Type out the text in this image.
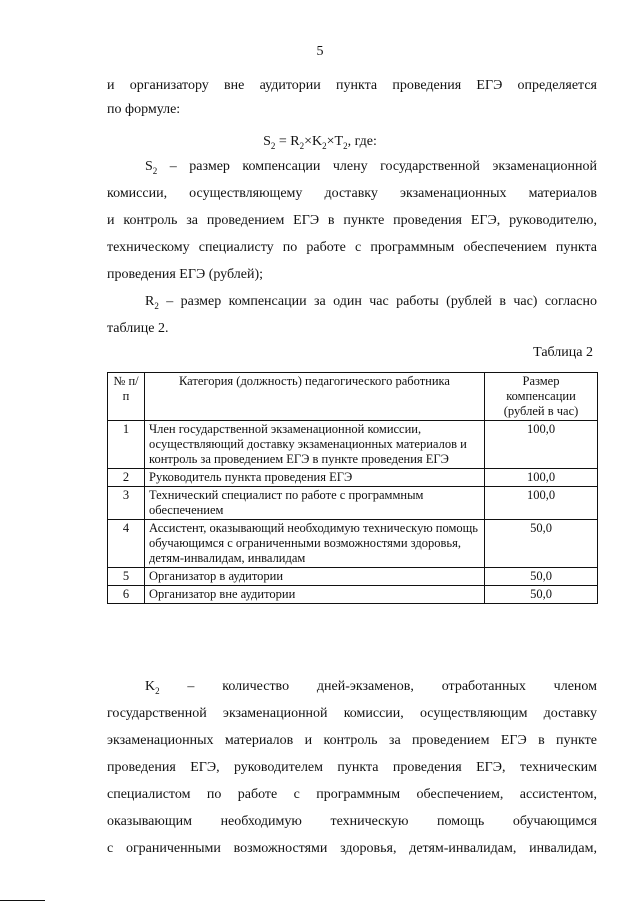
5
и организатору вне аудитории пункта проведения ЕГЭ определяется
по формуле:
$S_2 = R_2\times K_2\times T_2$, где:
$S_2$ – размер компенсации члену государственной экзаменационной
комиссии, осуществляющему доставку экзаменационных материалов
и контроль за проведением ЕГЭ в пункте проведения ЕГЭ, руководителю,
техническому специалисту по работе с программным обеспечением пункта
проведения ЕГЭ (рублей);
$R_2$ – размер компенсации за один час работы (рублей в час) согласно
таблице 2.
Таблица 2
№ п/п	Категория (должность) педагогического работника	Размер компенсации (рублей в час)
1	Член государственной экзаменационной комиссии, осуществляющий доставку экзаменационных материалов и контроль за проведением ЕГЭ в пункте проведения ЕГЭ	100,0
2	Руководитель пункта проведения ЕГЭ	100,0
3	Технический специалист по работе с программным обеспечением	100,0
4	Ассистент, оказывающий необходимую техническую помощь обучающимся с ограниченными возможностями здоровья, детям-инвалидам, инвалидам	50,0
5	Организатор в аудитории	50,0
6	Организатор вне аудитории	50,0
$K_2$ – количество дней-экзаменов, отработанных членом
государственной экзаменационной комиссии, осуществляющим доставку
экзаменационных материалов и контроль за проведением ЕГЭ в пункте
проведения ЕГЭ, руководителем пункта проведения ЕГЭ, техническим
специалистом по работе с программным обеспечением, ассистентом,
оказывающим необходимую техническую помощь обучающимся
с ограниченными возможностями здоровья, детям-инвалидам, инвалидам,
